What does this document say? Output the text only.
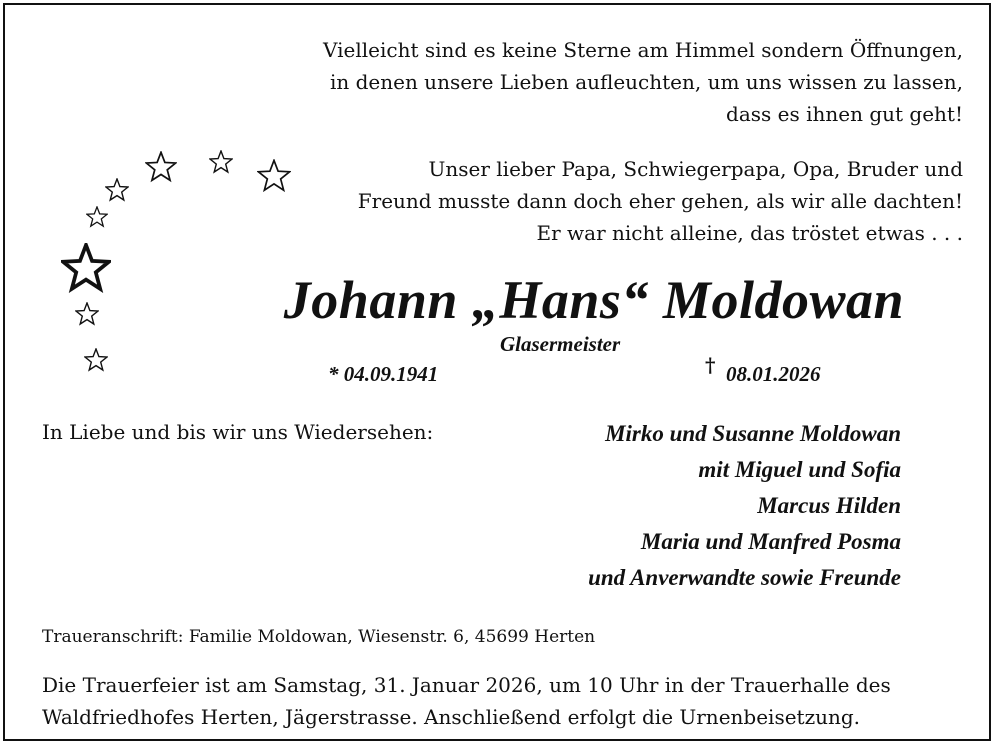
Vielleicht sind es keine Sterne am Himmel sondern Öffnungen,
in denen unsere Lieben aufleuchten, um uns wissen zu lassen,
dass es ihnen gut geht!
Unser lieber Papa, Schwiegerpapa, Opa, Bruder und
Freund musste dann doch eher gehen, als wir alle dachten!
Er war nicht alleine, das tröstet etwas . . .
Johann „Hans“ Moldowan
Glasermeister
* 04.09.1941	† 08.01.2026
In Liebe und bis wir uns Wiedersehen:	Mirko und Susanne Moldowan
mit Miguel und Sofia
Marcus Hilden
Maria und Manfred Posma
und Anverwandte sowie Freunde
Traueranschrift: Familie Moldowan, Wiesenstr. 6, 45699 Herten
Die Trauerfeier ist am Samstag, 31. Januar 2026, um 10 Uhr in der Trauerhalle des
Waldfriedhofes Herten, Jägerstrasse. Anschließend erfolgt die Urnenbeisetzung.
